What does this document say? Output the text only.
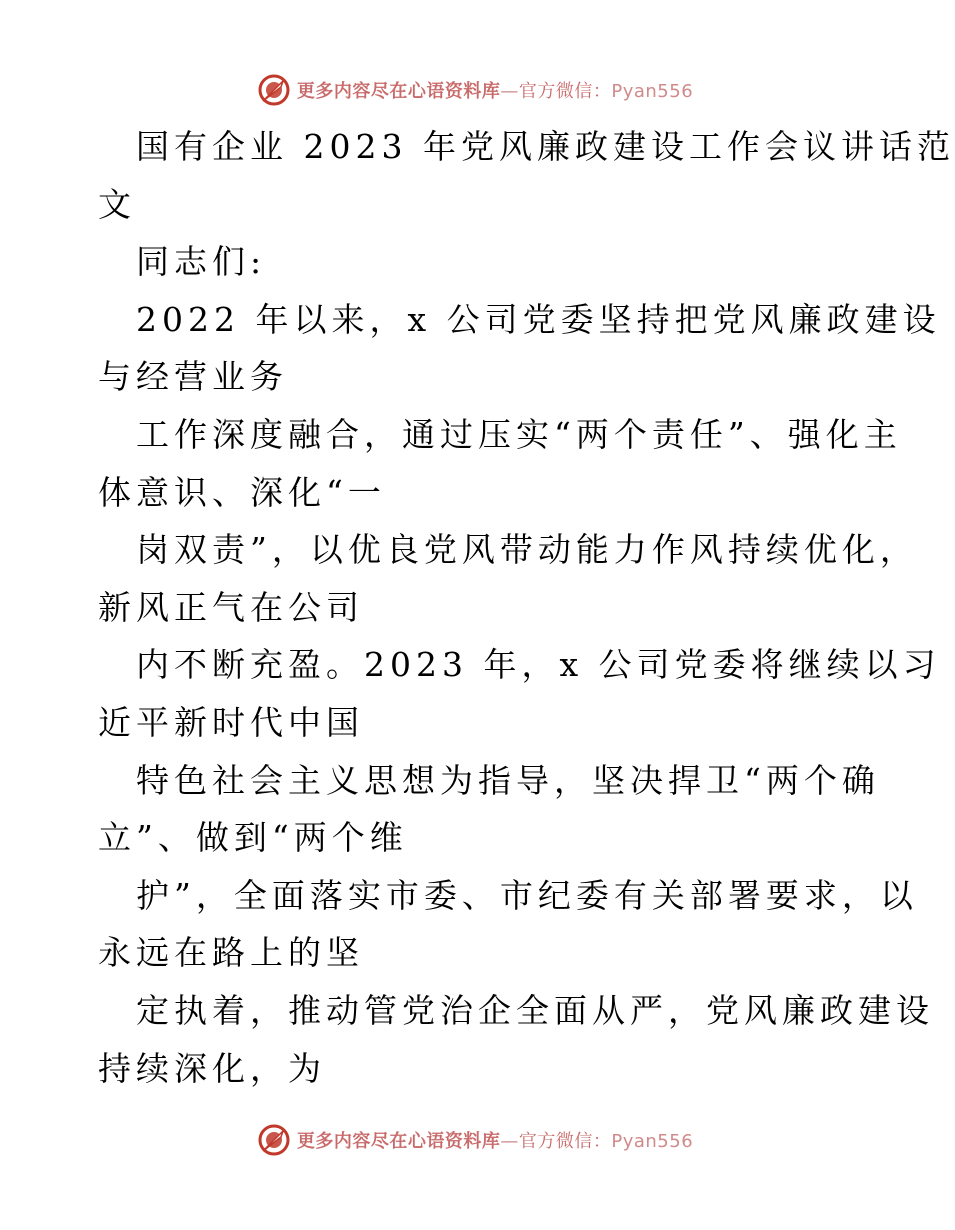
更多内容尽在心语资料库—官方微信：Pyan556
国有企业 2023 年党风廉政建设工作会议讲话范
文
同志们:
2022 年以来，x 公司党委坚持把党风廉政建设
与经营业务
工作深度融合，通过压实“两个责任”、强化主
体意识、深化“一
岗双责”，以优良党风带动能力作风持续优化，
新风正气在公司
内不断充盈。2023 年，x 公司党委将继续以习
近平新时代中国
特色社会主义思想为指导，坚决捍卫“两个确
立”、做到“两个维
护”，全面落实市委、市纪委有关部署要求，以
永远在路上的坚
定执着，推动管党治企全面从严，党风廉政建设
持续深化，为
更多内容尽在心语资料库—官方微信：Pyan556
